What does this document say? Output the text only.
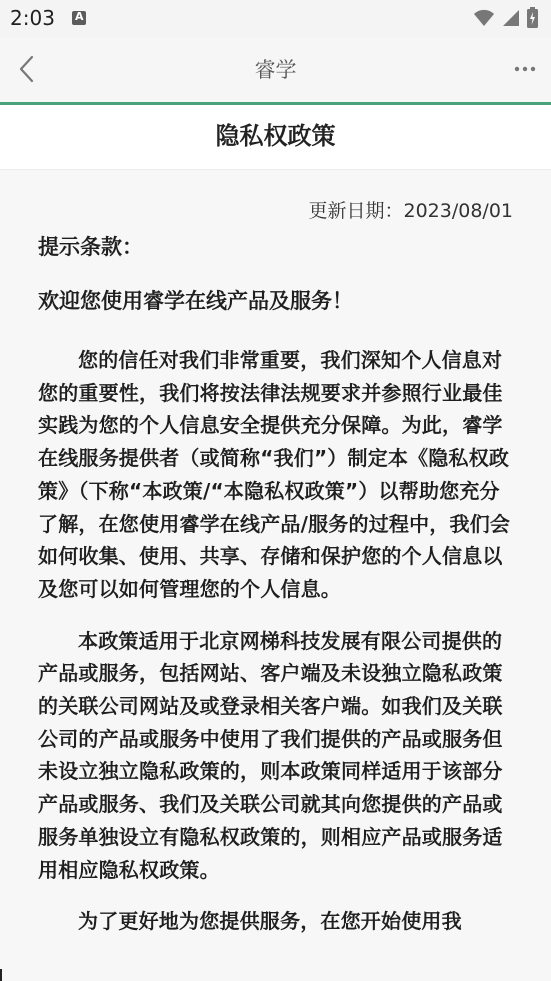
2:03
A
睿学
隐私权政策
更新日期：2023/08/01
提示条款：
欢迎您使用睿学在线产品及服务！
您的信任对我们非常重要，我们深知个人信息对您的重要性，我们将按法律法规要求并参照行业最佳实践为您的个人信息安全提供充分保障。为此，睿学在线服务提供者（或简称“我们”）制定本《隐私权政策》（下称“本政策/“本隐私权政策”）以帮助您充分了解，在您使用睿学在线产品/服务的过程中，我们会如何收集、使用、共享、存储和保护您的个人信息以及您可以如何管理您的个人信息。
本政策适用于北京网梯科技发展有限公司提供的产品或服务，包括网站、客户端及未设独立隐私政策的关联公司网站及或登录相关客户端。如我们及关联公司的产品或服务中使用了我们提供的产品或服务但未设立独立隐私政策的，则本政策同样适用于该部分产品或服务、我们及关联公司就其向您提供的产品或服务单独设立有隐私权政策的，则相应产品或服务适用相应隐私权政策。
为了更好地为您提供服务，在您开始使用我
